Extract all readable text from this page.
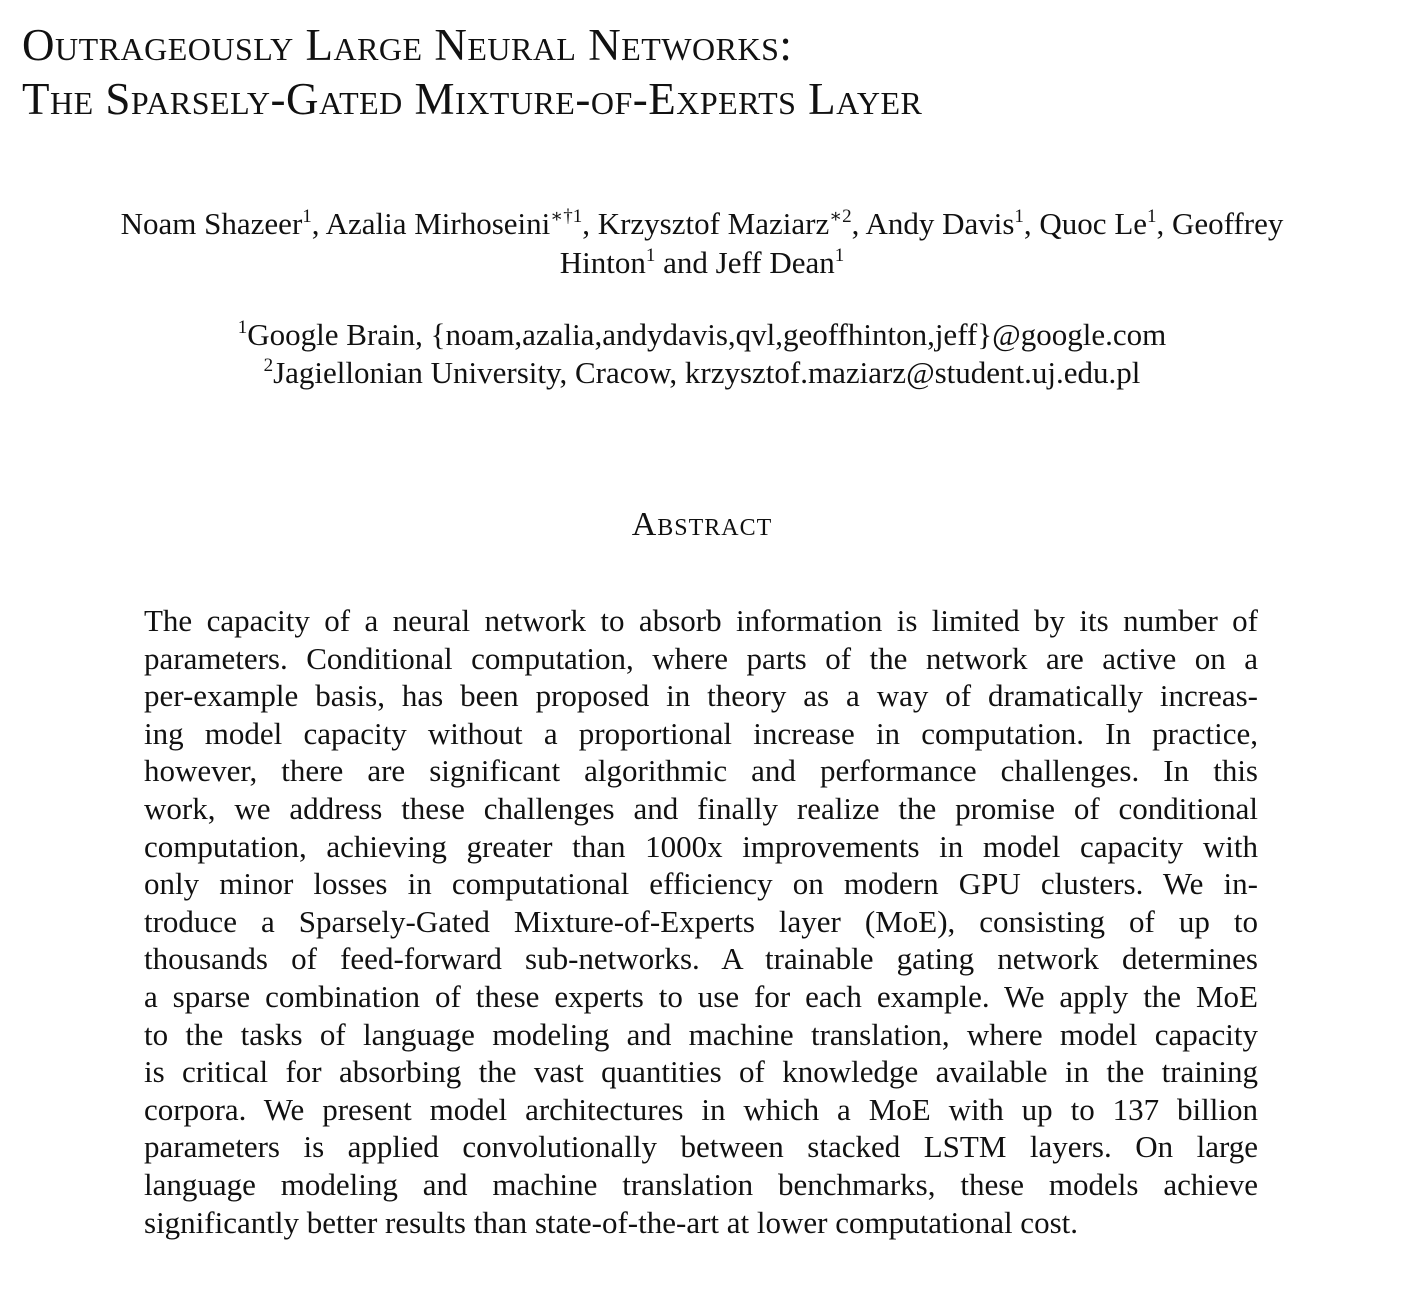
Outrageously Large Neural Networks:
The Sparsely-Gated Mixture-of-Experts Layer
Noam Shazeer$^1$, Azalia Mirhoseini$^{∗\dagger 1}$, Krzysztof Maziarz$^{∗2}$, Andy Davis$^1$, Quoc Le$^1$, Geoffrey
Hinton$^1$ and Jeff Dean$^1$
$^1$Google Brain, {noam,azalia,andydavis,qvl,geoffhinton,jeff}@google.com
$^2$Jagiellonian University, Cracow, krzysztof.maziarz@student.uj.edu.pl
Abstract
The capacity of a neural network to absorb information is limited by its number of
parameters. Conditional computation, where parts of the network are active on a
per-example basis, has been proposed in theory as a way of dramatically increas-
ing model capacity without a proportional increase in computation. In practice,
however, there are significant algorithmic and performance challenges. In this
work, we address these challenges and finally realize the promise of conditional
computation, achieving greater than 1000x improvements in model capacity with
only minor losses in computational efficiency on modern GPU clusters. We in-
troduce a Sparsely-Gated Mixture-of-Experts layer (MoE), consisting of up to
thousands of feed-forward sub-networks. A trainable gating network determines
a sparse combination of these experts to use for each example. We apply the MoE
to the tasks of language modeling and machine translation, where model capacity
is critical for absorbing the vast quantities of knowledge available in the training
corpora. We present model architectures in which a MoE with up to 137 billion
parameters is applied convolutionally between stacked LSTM layers. On large
language modeling and machine translation benchmarks, these models achieve
significantly better results than state-of-the-art at lower computational cost.
